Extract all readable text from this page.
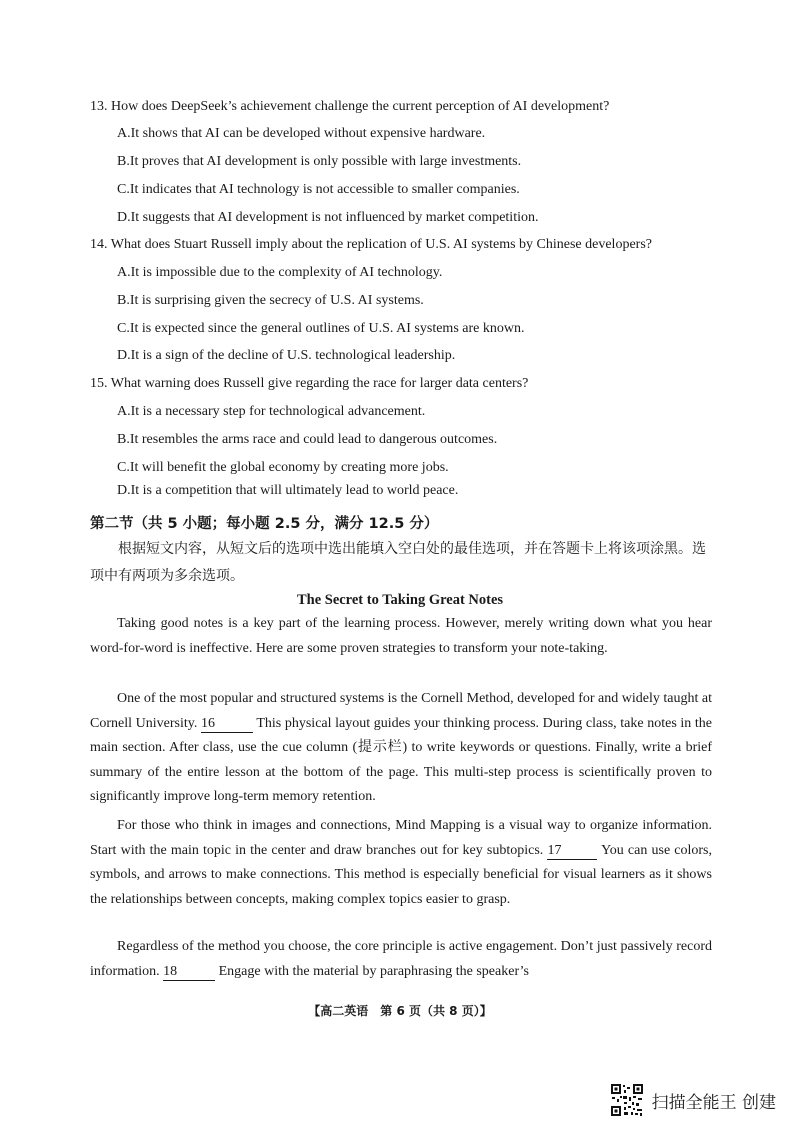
13. How does DeepSeek’s achievement challenge the current perception of AI development?
A.It shows that AI can be developed without expensive hardware.
B.It proves that AI development is only possible with large investments.
C.It indicates that AI technology is not accessible to smaller companies.
D.It suggests that AI development is not influenced by market competition.
14. What does Stuart Russell imply about the replication of U.S. AI systems by Chinese developers?
A.It is impossible due to the complexity of AI technology.
B.It is surprising given the secrecy of U.S. AI systems.
C.It is expected since the general outlines of U.S. AI systems are known.
D.It is a sign of the decline of U.S. technological leadership.
15. What warning does Russell give regarding the race for larger data centers?
A.It is a necessary step for technological advancement.
B.It resembles the arms race and could lead to dangerous outcomes.
C.It will benefit the global economy by creating more jobs.
D.It is a competition that will ultimately lead to world peace.
第二节（共 5 小题；每小题 2.5 分，满分 12.5 分）
根据短文内容，从短文后的选项中选出能填入空白处的最佳选项，并在答题卡上将该项涂黑。选项中有两项为多余选项。
The Secret to Taking Great Notes
Taking good notes is a key part of the learning process. However, merely writing down what you hear word-for-word is ineffective. Here are some proven strategies to transform your note-taking.
One of the most popular and structured systems is the Cornell Method, developed for and widely taught at Cornell University. 16	This physical layout guides your thinking process. During class, take notes in the main section. After class, use the cue column (提示栏) to write keywords or questions. Finally, write a brief summary of the entire lesson at the bottom of the page. This multi-step process is scientifically proven to significantly improve long-term memory retention.
For those who think in images and connections, Mind Mapping is a visual way to organize information. Start with the main topic in the center and draw branches out for key subtopics. 17	You can use colors, symbols, and arrows to make connections. This method is especially beneficial for visual learners as it shows the relationships between concepts, making complex topics easier to grasp.
Regardless of the method you choose, the core principle is active engagement. Don’t just passively record information. 18	Engage with the material by paraphrasing the speaker’s
【高二英语　第 6 页（共 8 页）】
扫描全能王 创建
